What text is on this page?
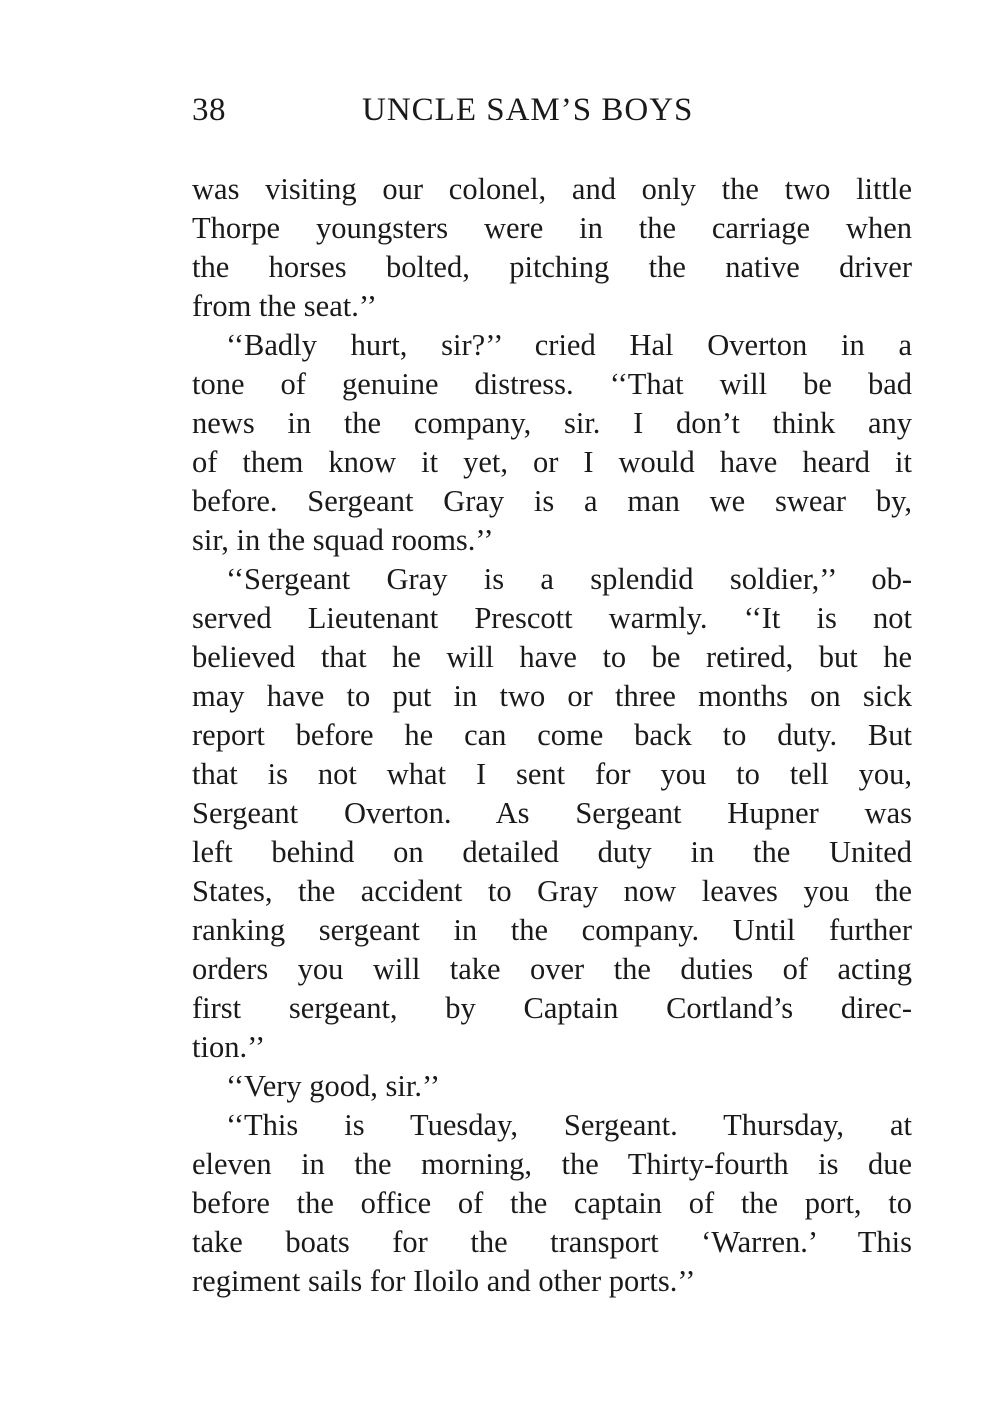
38	UNCLE SAM’S BOYS
was visiting our colonel, and only the two little
Thorpe youngsters were in the carriage when
the horses bolted, pitching the native driver
from the seat.’’
‘‘Badly hurt, sir?’’ cried Hal Overton in a
tone of genuine distress. ‘‘That will be bad
news in the company, sir. I don’t think any
of them know it yet, or I would have heard it
before. Sergeant Gray is a man we swear by,
sir, in the squad rooms.’’
‘‘Sergeant Gray is a splendid soldier,’’ ob-
served Lieutenant Prescott warmly. ‘‘It is not
believed that he will have to be retired, but he
may have to put in two or three months on sick
report before he can come back to duty. But
that is not what I sent for you to tell you,
Sergeant Overton. As Sergeant Hupner was
left behind on detailed duty in the United
States, the accident to Gray now leaves you the
ranking sergeant in the company. Until further
orders you will take over the duties of acting
first sergeant, by Captain Cortland’s direc-
tion.’’
‘‘Very good, sir.’’
‘‘This is Tuesday, Sergeant. Thursday, at
eleven in the morning, the Thirty-fourth is due
before the office of the captain of the port, to
take boats for the transport ‘Warren.’ This
regiment sails for Iloilo and other ports.’’
